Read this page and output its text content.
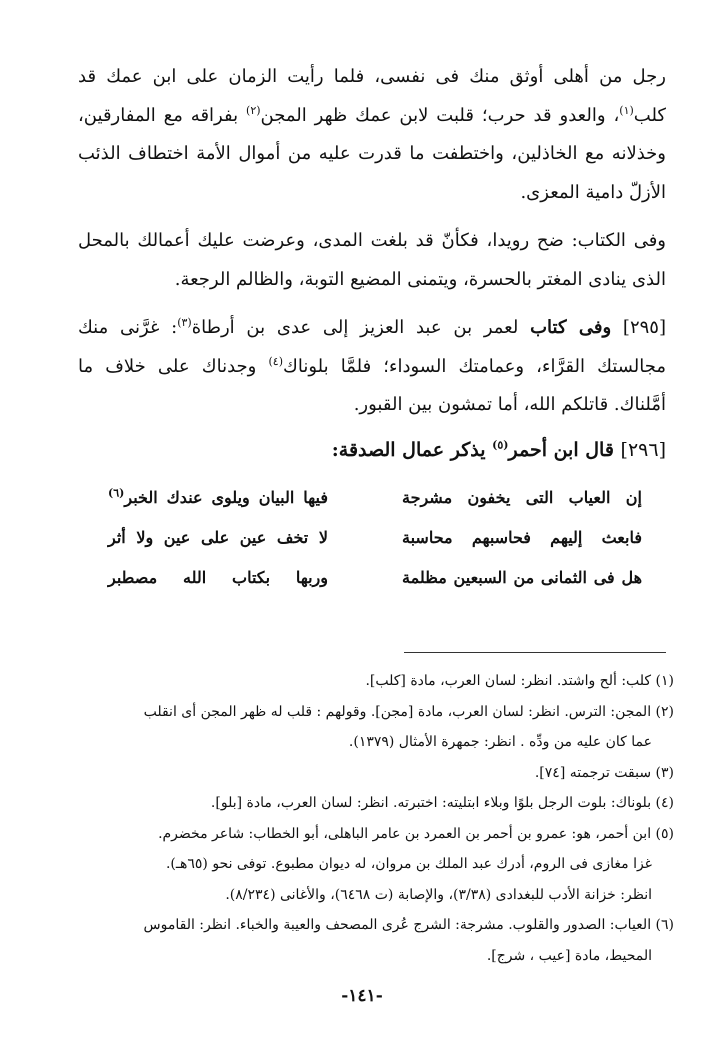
رجل من أهلى أوثق منك فى نفسى، فلما رأيت الزمان على ابن عمك قد كلب$^{(١)}$، والعدو قد حرب؛ قلبت لابن عمك ظهر المجن$^{(٢)}$ بفراقه مع المفارقين، وخذلانه مع الخاذلين، واختطفت ما قدرت عليه من أموال الأمة اختطاف الذئب الأزلّ دامية المعزى.

وفى الكتاب: ضح رويدا، فكأنّ قد بلغت المدى، وعرضت عليك أعمالك بالمحل الذى ينادى المغتر بالحسرة، ويتمنى المضيع التوبة، والظالم الرجعة.

[٢٩٥] وفى كتاب لعمر بن عبد العزيز إلى عدى بن أرطاة$^{(٣)}$: غرَّنى منك مجالستك القرَّاء، وعمامتك السوداء؛ فلمَّا بلوناك$^{(٤)}$ وجدناك على خلاف ما أمَّلناك. قاتلكم الله، أما تمشون بين القبور.

[٢٩٦] قال ابن أحمر$^{(٥)}$ يذكر عمال الصدقة:

إن العياب التى يخفون مشرجة
فيها البيان ويلوى عندك الخبر$^{(٦)}$
فابعث إليهم فحاسبهم محاسبة
لا تخف عين على عين ولا أثر
هل فى الثمانى من السبعين مظلمة
وربها بكتاب الله مصطبر

(١) كلب: ألح واشتد. انظر: لسان العرب، مادة [كلب].

(٢) المجن: الترس. انظر: لسان العرب، مادة [مجن]. وقولهم : قلب له ظهر المجن أى انقلب
عما كان عليه من ودِّه . انظر: جمهرة الأمثال (١٣٧٩).

(٣) سبقت ترجمته [٧٤].

(٤) بلوناك: بلوت الرجل بلوًا وبلاء ابتليته: اختبرته. انظر: لسان العرب، مادة [بلو].

(٥) ابن أحمر، هو: عمرو بن أحمر بن العمرد بن عامر الباهلى، أبو الخطاب: شاعر مخضرم.
غزا مغازى فى الروم، أدرك عبد الملك بن مروان، له ديوان مطبوع. توفى نحو (٦٥هـ).
انظر: خزانة الأدب للبغدادى (٣/٣٨)، والإصابة (ت ٦٤٦٨)، والأغانى (٨/٢٣٤).

(٦) العياب: الصدور والقلوب. مشرجة: الشرج عُرى المصحف والعيبة والخباء. انظر: القاموس
المحيط، مادة [عيب ، شرج].

-١٤١-
